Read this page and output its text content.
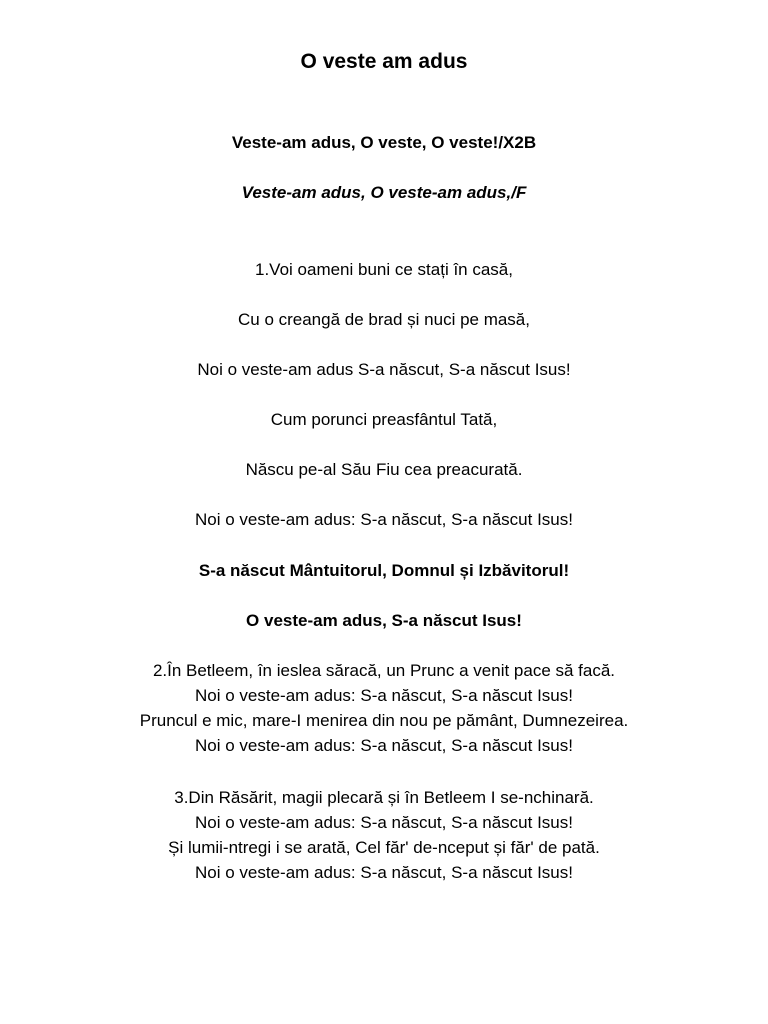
O veste am adus
Veste-am adus, O veste, O veste!/X2B
Veste-am adus, O veste-am adus,/F
1.Voi oameni buni ce stați în casă,
Cu o creangă de brad și nuci pe masă,
Noi o veste-am adus S-a născut, S-a născut Isus!
Cum porunci preasfântul Tată,
Născu pe-al Său Fiu cea preacurată.
Noi o veste-am adus: S-a născut, S-a născut Isus!
S-a născut Mântuitorul, Domnul și Izbăvitorul!
O veste-am adus, S-a născut Isus!
2.În Betleem, în ieslea săracă, un Prunc a venit pace să facă.
Noi o veste-am adus: S-a născut, S-a născut Isus!
Pruncul e mic, mare-I menirea din nou pe pământ, Dumnezeirea.
Noi o veste-am adus: S-a născut, S-a născut Isus!
3.Din Răsărit, magii plecară și în Betleem I se-nchinară.
Noi o veste-am adus: S-a născut, S-a născut Isus!
Și lumii-ntregi i se arată, Cel făr' de-nceput și făr' de pată.
Noi o veste-am adus: S-a născut, S-a născut Isus!
